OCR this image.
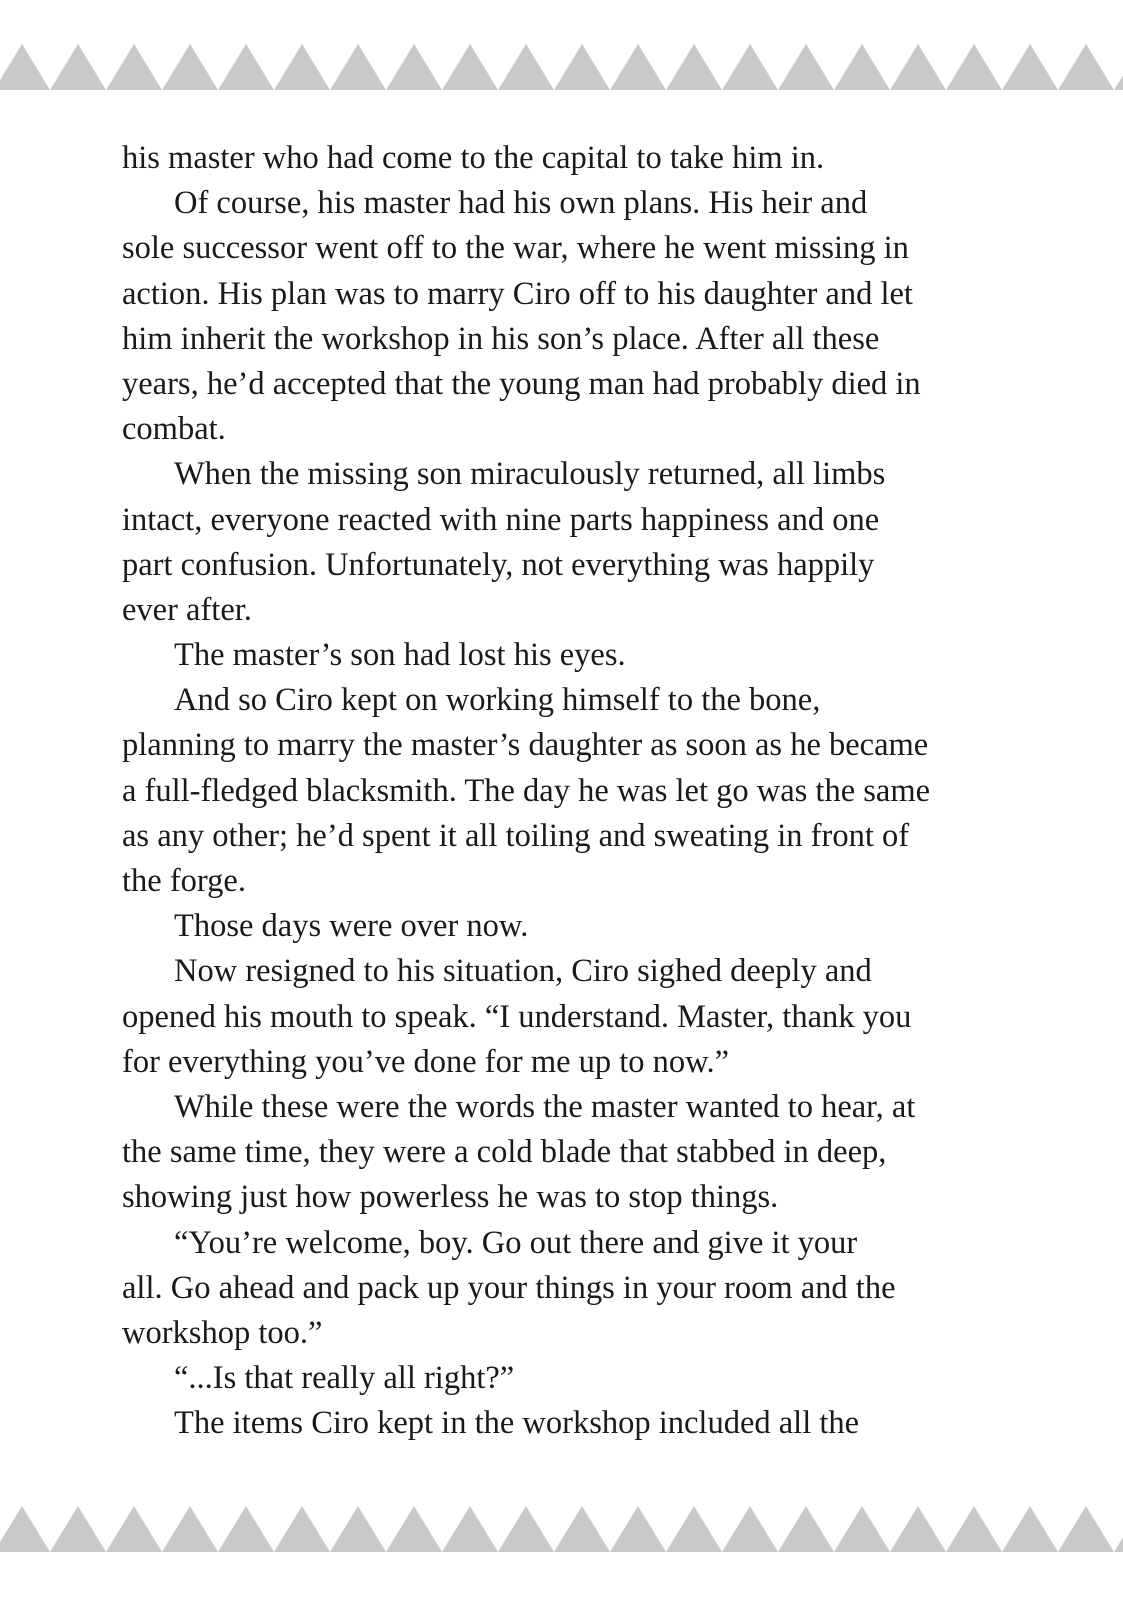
his master who had come to the capital to take him in.
Of course, his master had his own plans. His heir and
sole successor went off to the war, where he went missing in
action. His plan was to marry Ciro off to his daughter and let
him inherit the workshop in his son’s place. After all these
years, he’d accepted that the young man had probably died in
combat.
When the missing son miraculously returned, all limbs
intact, everyone reacted with nine parts happiness and one
part confusion. Unfortunately, not everything was happily
ever after.
The master’s son had lost his eyes.
And so Ciro kept on working himself to the bone,
planning to marry the master’s daughter as soon as he became
a full-fledged blacksmith. The day he was let go was the same
as any other; he’d spent it all toiling and sweating in front of
the forge.
Those days were over now.
Now resigned to his situation, Ciro sighed deeply and
opened his mouth to speak. “I understand. Master, thank you
for everything you’ve done for me up to now.”
While these were the words the master wanted to hear, at
the same time, they were a cold blade that stabbed in deep,
showing just how powerless he was to stop things.
“You’re welcome, boy. Go out there and give it your
all. Go ahead and pack up your things in your room and the
workshop too.”
“...Is that really all right?”
The items Ciro kept in the workshop included all the
